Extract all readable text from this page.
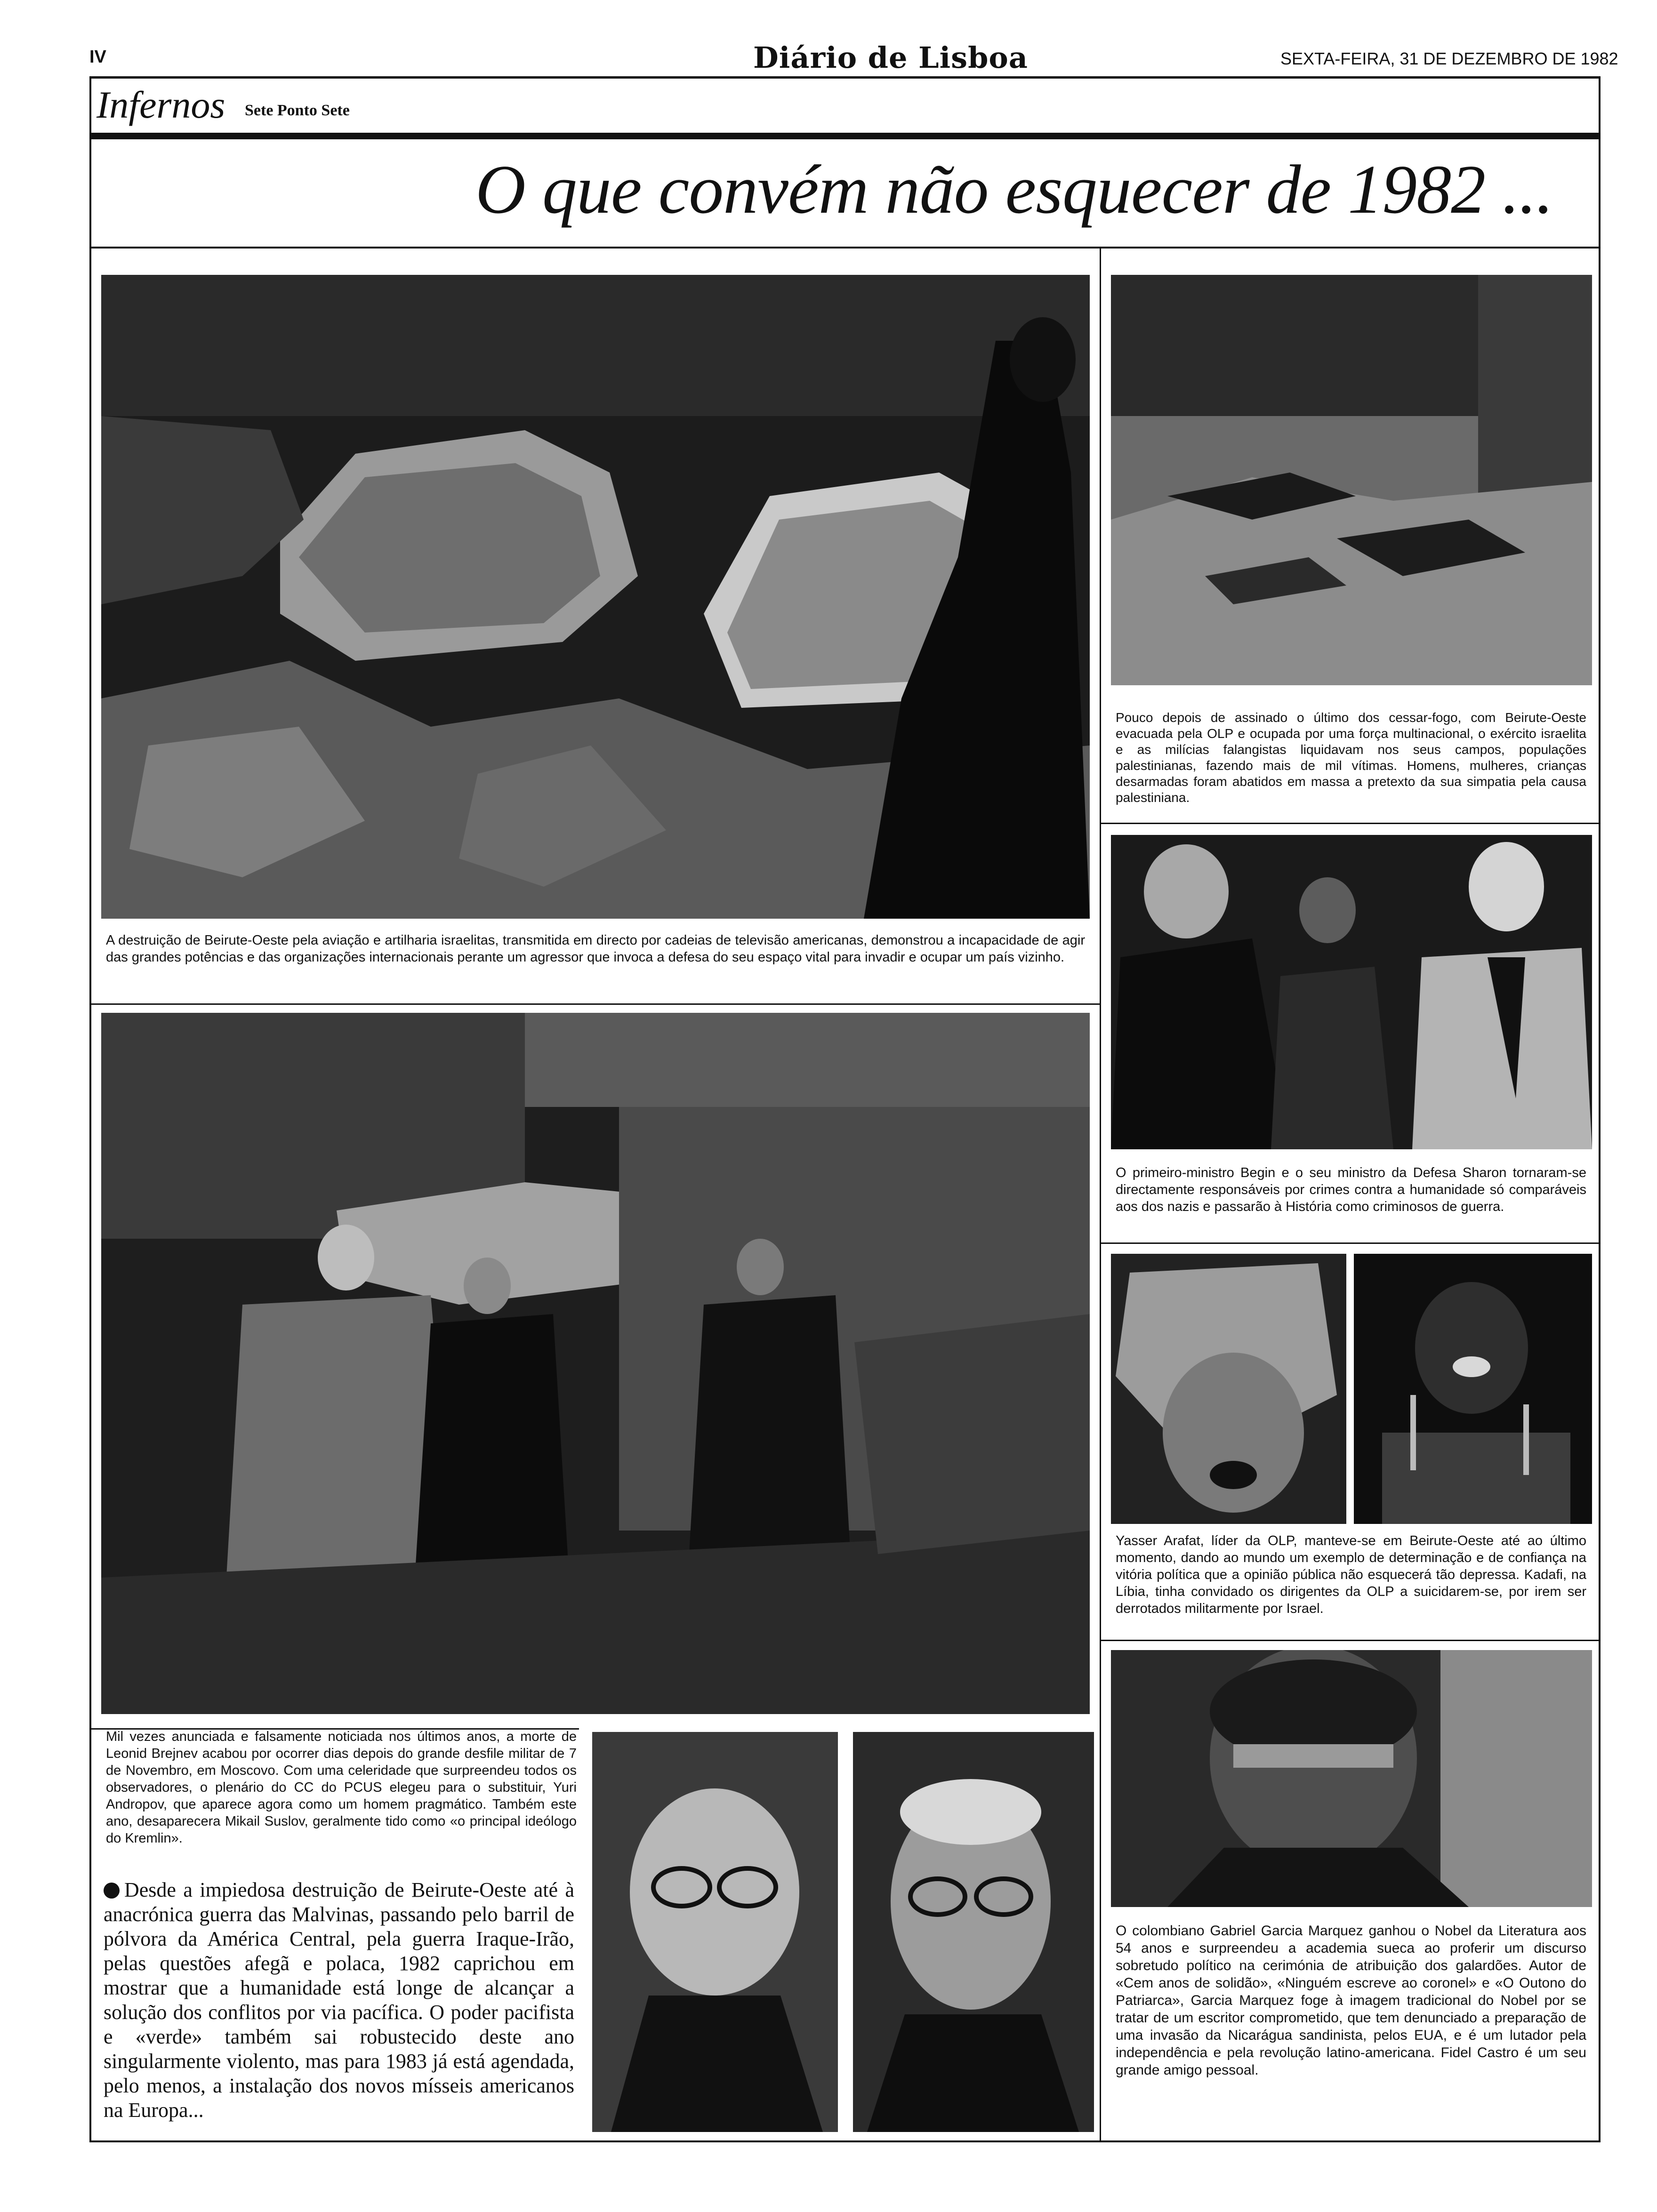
IV	Diário de Lisboa	SEXTA-FEIRA, 31 DE DEZEMBRO DE 1982
Infernos Sete Ponto Sete
O que convém não esquecer de 1982 ...
A destruição de Beirute-Oeste pela aviação e artilharia israelitas, transmitida em directo por cadeias de televisão americanas, demonstrou a incapacidade de agir das grandes potências e das organizações internacionais perante um agressor que invoca a defesa do seu espaço vital para invadir e ocupar um país vizinho.
Pouco depois de assinado o último dos cessar-fogo, com Beirute-Oeste evacuada pela OLP e ocupada por uma força multinacional, o exército israelita e as milícias falangistas liquidavam nos seus campos, populações palestinianas, fazendo mais de mil vítimas. Homens, mulheres, crianças desarmadas foram abatidos em massa a pretexto da sua simpatia pela causa palestiniana.
O primeiro-ministro Begin e o seu ministro da Defesa Sharon tornaram-se directamente responsáveis por crimes contra a humanidade só comparáveis aos dos nazis e passarão à História como criminosos de guerra.
Yasser Arafat, líder da OLP, manteve-se em Beirute-Oeste até ao último momento, dando ao mundo um exemplo de determinação e de confiança na vitória política que a opinião pública não esquecerá tão depressa. Kadafi, na Líbia, tinha convidado os dirigentes da OLP a suicidarem-se, por irem ser derrotados militarmente por Israel.
O colombiano Gabriel Garcia Marquez ganhou o Nobel da Literatura aos 54 anos e surpreendeu a academia sueca ao proferir um discurso sobretudo político na cerimónia de atribuição dos galardões. Autor de «Cem anos de solidão», «Ninguém escreve ao coronel» e «O Outono do Patriarca», Garcia Marquez foge à imagem tradicional do Nobel por se tratar de um escritor comprometido, que tem denunciado a preparação de uma invasão da Nicarágua sandinista, pelos EUA, e é um lutador pela independência e pela revolução latino-americana. Fidel Castro é um seu grande amigo pessoal.
Mil vezes anunciada e falsamente noticiada nos últimos anos, a morte de Leonid Brejnev acabou por ocorrer dias depois do grande desfile militar de 7 de Novembro, em Moscovo. Com uma celeridade que surpreendeu todos os observadores, o plenário do CC do PCUS elegeu para o substituir, Yuri Andropov, que aparece agora como um homem pragmático. Também este ano, desaparecera Mikail Suslov, geralmente tido como «o principal ideólogo do Kremlin».
Desde a impiedosa destruição de Beirute-Oeste até à anacrónica guerra das Malvinas, passando pelo barril de pólvora da América Central, pela guerra Iraque-Irão, pelas questões afegã e polaca, 1982 caprichou em mostrar que a humanidade está longe de alcançar a solução dos conflitos por via pacífica. O poder pacifista e «verde» também sai robustecido deste ano singularmente violento, mas para 1983 já está agendada, pelo menos, a instalação dos novos mísseis americanos na Europa...
